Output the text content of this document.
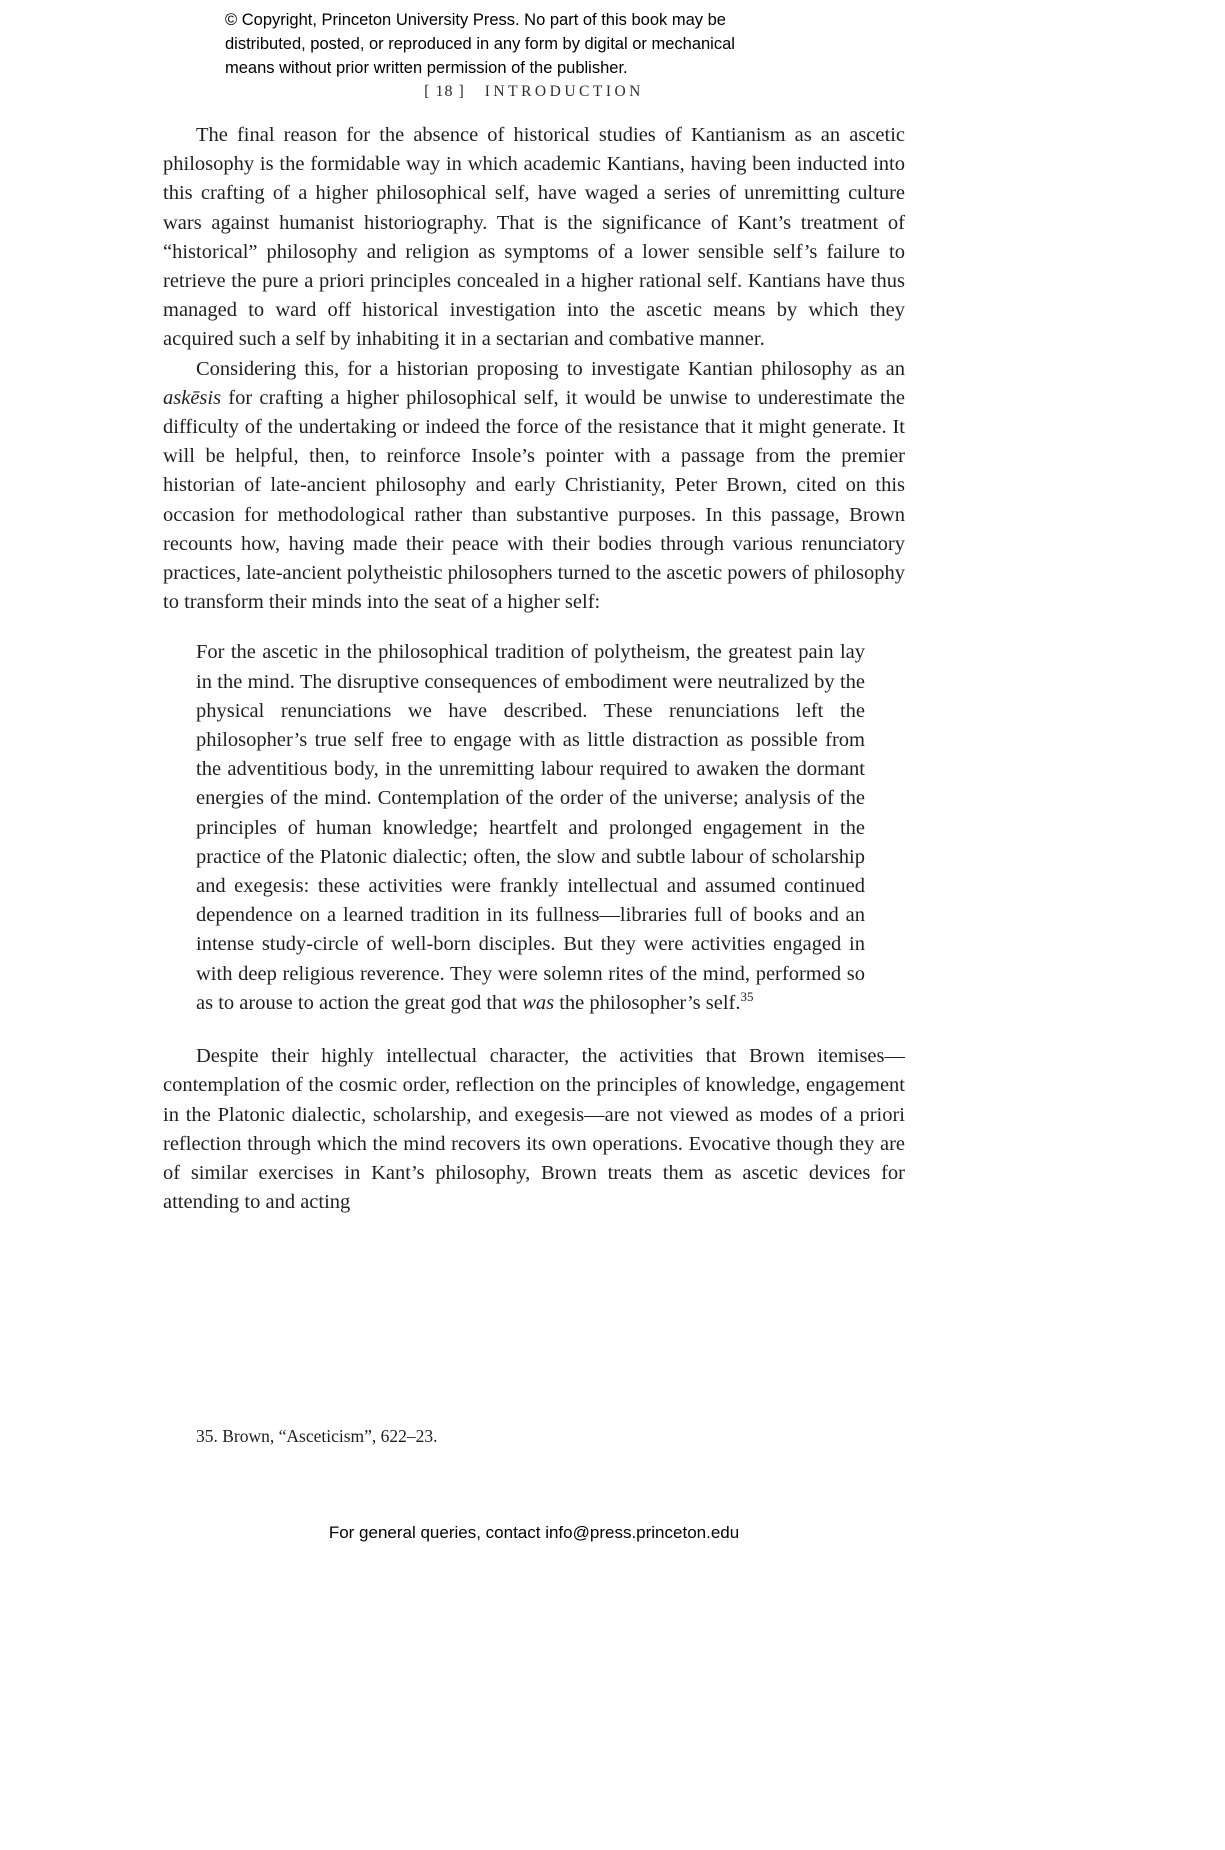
© Copyright, Princeton University Press. No part of this book may be
distributed, posted, or reproduced in any form by digital or mechanical
means without prior written permission of the publisher.
[ 18 ] INTRODUCTION

The final reason for the absence of historical studies of Kantianism as an ascetic philosophy is the formidable way in which academic Kantians, having been inducted into this crafting of a higher philosophical self, have waged a series of unremitting culture wars against humanist historiography. That is the significance of Kant’s treatment of “historical” philosophy and religion as symptoms of a lower sensible self’s failure to retrieve the pure a priori principles concealed in a higher rational self. Kantians have thus managed to ward off historical investigation into the ascetic means by which they acquired such a self by inhabiting it in a sectarian and combative manner.

Considering this, for a historian proposing to investigate Kantian philosophy as an askēsis for crafting a higher philosophical self, it would be unwise to underestimate the difficulty of the undertaking or indeed the force of the resistance that it might generate. It will be helpful, then, to reinforce Insole’s pointer with a passage from the premier historian of late-ancient philosophy and early Christianity, Peter Brown, cited on this occasion for methodological rather than substantive purposes. In this passage, Brown recounts how, having made their peace with their bodies through various renunciatory practices, late-ancient polytheistic philosophers turned to the ascetic powers of philosophy to transform their minds into the seat of a higher self:

For the ascetic in the philosophical tradition of polytheism, the greatest pain lay in the mind. The disruptive consequences of embodiment were neutralized by the physical renunciations we have described. These renunciations left the philosopher’s true self free to engage with as little distraction as possible from the adventitious body, in the unremitting labour required to awaken the dormant energies of the mind. Contemplation of the order of the universe; analysis of the principles of human knowledge; heartfelt and prolonged engagement in the practice of the Platonic dialectic; often, the slow and subtle labour of scholarship and exegesis: these activities were frankly intellectual and assumed continued dependence on a learned tradition in its fullness—libraries full of books and an intense study-circle of well-born disciples. But they were activities engaged in with deep religious reverence. They were solemn rites of the mind, performed so as to arouse to action the great god that was the philosopher’s self.$^{35}$

Despite their highly intellectual character, the activities that Brown itemises—contemplation of the cosmic order, reflection on the principles of knowledge, engagement in the Platonic dialectic, scholarship, and exegesis—are not viewed as modes of a priori reflection through which the mind recovers its own operations. Evocative though they are of similar exercises in Kant’s philosophy, Brown treats them as ascetic devices for attending to and acting

35. Brown, “Asceticism”, 622–23.
For general queries, contact info@press.princeton.edu
